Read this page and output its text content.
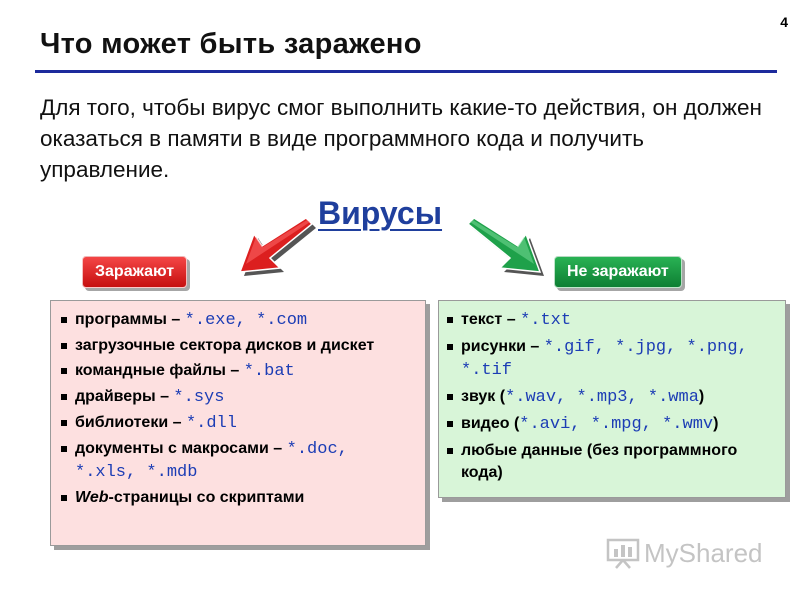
4
Что может быть заражено
Для того, чтобы вирус смог выполнить какие-то действия, он должен оказаться в памяти в виде программного кода и получить управление.
Вирусы
Заражают	Не заражают
программы – *.exe, *.com
загрузочные сектора дисков и дискет
командные файлы – *.bat
драйверы – *.sys
библиотеки – *.dll
документы с макросами – *.doc, *.xls, *.mdb
Web-страницы со скриптами
текст – *.txt
рисунки – *.gif, *.jpg, *.png, *.tif
звук (*.wav, *.mp3, *.wma)
видео (*.avi, *.mpg, *.wmv)
любые данные (без программного кода)
MyShared
